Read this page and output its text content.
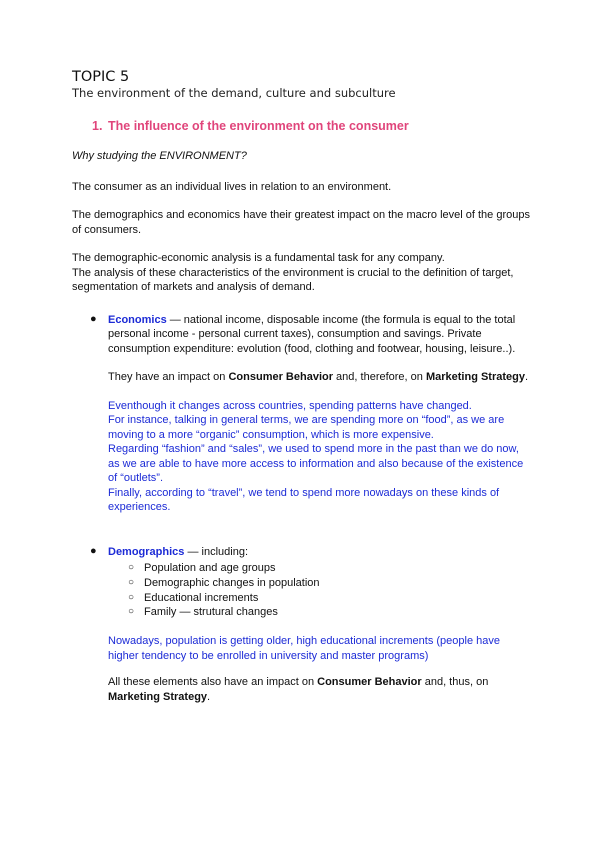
TOPIC 5
The environment of the demand, culture and subculture
1. The influence of the environment on the consumer

Why studying the ENVIRONMENT?

The consumer as an individual lives in relation to an environment.

The demographics and economics have their greatest impact on the macro level of the groups of consumers.

The demographic-economic analysis is a fundamental task for any company.

The analysis of these characteristics of the environment is crucial to the definition of target, segmentation of markets and analysis of demand.

● Economics — national income, disposable income (the formula is equal to the total personal income - personal current taxes), consumption and savings. Private consumption expenditure: evolution (food, clothing and footwear, housing, leisure..).

They have an impact on Consumer Behavior and, therefore, on Marketing Strategy.

Eventhough it changes across countries, spending patterns have changed.

For instance, talking in general terms, we are spending more on “food”, as we are moving to a more “organic” consumption, which is more expensive.

Regarding “fashion” and “sales”, we used to spend more in the past than we do now, as we are able to have more access to information and also because of the existence of “outlets”.

Finally, according to “travel”, we tend to spend more nowadays on these kinds of experiences.

● Demographics — including:

○ Population and age groups
○ Demographic changes in population
○ Educational increments
○ Family — strutural changes

Nowadays, population is getting older, high educational increments (people have higher tendency to be enrolled in university and master programs)

All these elements also have an impact on Consumer Behavior and, thus, on Marketing Strategy.
